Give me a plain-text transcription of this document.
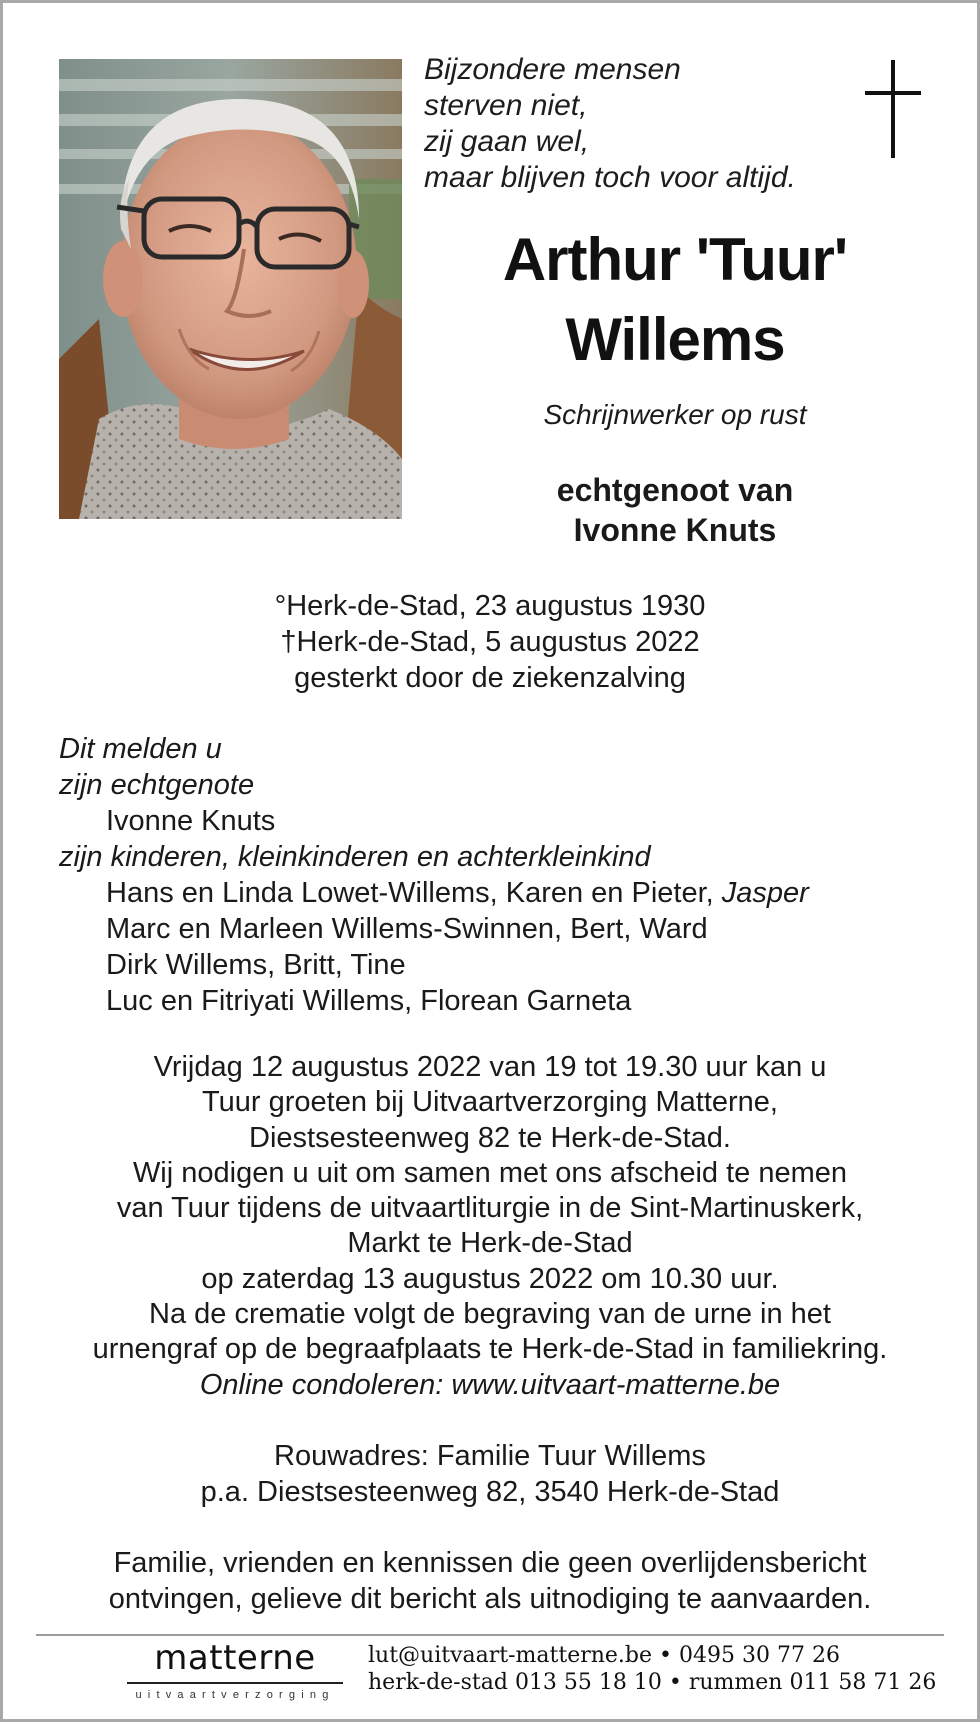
Bijzondere mensen
sterven niet,
zij gaan wel,
maar blijven toch voor altijd.
Arthur 'Tuur'
Willems
Schrijnwerker op rust
echtgenoot van
Ivonne Knuts
°Herk-de-Stad, 23 augustus 1930
†Herk-de-Stad, 5 augustus 2022
gesterkt door de ziekenzalving
Dit melden u
zijn echtgenote
Ivonne Knuts
zijn kinderen, kleinkinderen en achterkleinkind
Hans en Linda Lowet-Willems, Karen en Pieter, Jasper
Marc en Marleen Willems-Swinnen, Bert, Ward
Dirk Willems, Britt, Tine
Luc en Fitriyati Willems, Florean Garneta
Vrijdag 12 augustus 2022 van 19 tot 19.30 uur kan u
Tuur groeten bij Uitvaartverzorging Matterne,
Diestsesteenweg 82 te Herk-de-Stad.
Wij nodigen u uit om samen met ons afscheid te nemen
van Tuur tijdens de uitvaartliturgie in de Sint-Martinuskerk,
Markt te Herk-de-Stad
op zaterdag 13 augustus 2022 om 10.30 uur.
Na de crematie volgt de begraving van de urne in het
urnengraf op de begraafplaats te Herk-de-Stad in familiekring.
Online condoleren: www.uitvaart-matterne.be
Rouwadres: Familie Tuur Willems
p.a. Diestsesteenweg 82, 3540 Herk-de-Stad
Familie, vrienden en kennissen die geen overlijdensbericht
ontvingen, gelieve dit bericht als uitnodiging te aanvaarden.
matterne
uitvaartverzorging
lut@uitvaart-matterne.be • 0495 30 77 26
herk-de-stad 013 55 18 10 • rummen 011 58 71 26
